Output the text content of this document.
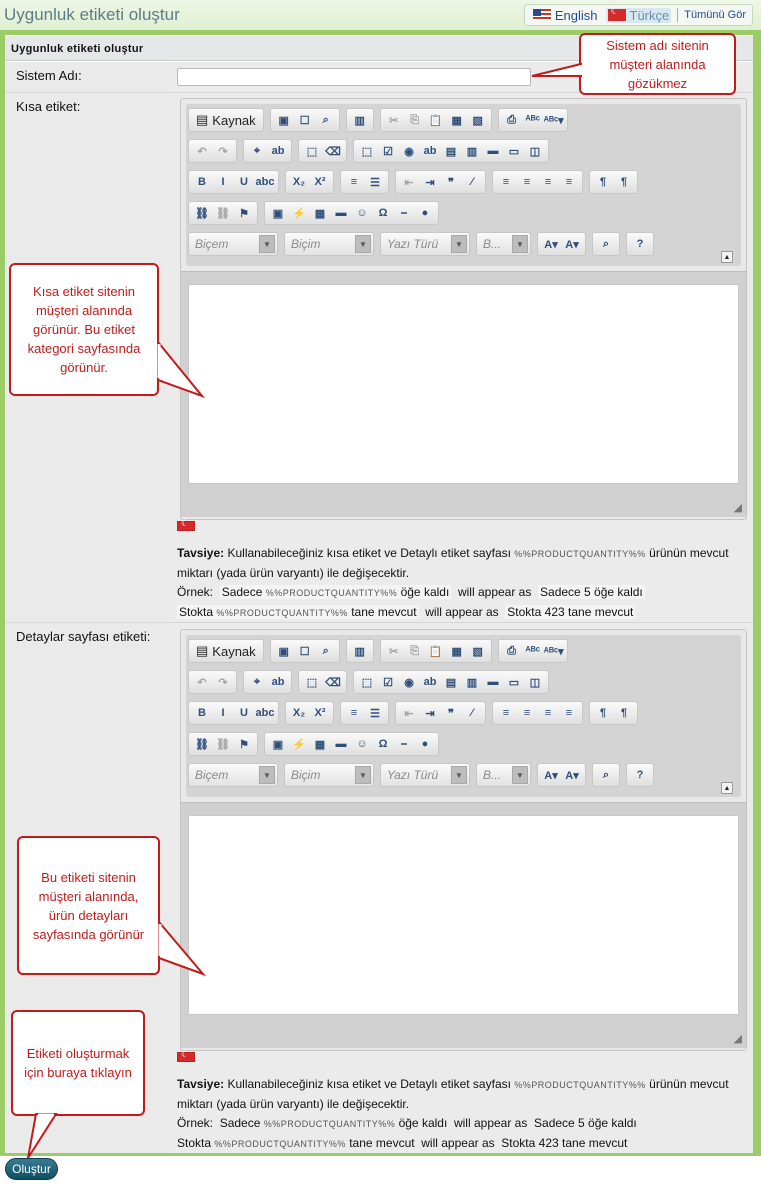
Uygunluk etiketi oluştur	English
☾ Türkçe Tümünü Gör
Uygunluk etiketi oluştur
Sistem Adı:
Kısa etiket:
Detaylar sayfası etiketi:
▤ Kaynak	▣ ☐	⌕	▥	✂	⎘ 📋 ▦ ▧	⎙ ᴬᴮᶜ ᴬᴮᶜ▾
↶	↷	⌖	ab	⬚ ⌫	⬚ ☑	◉ ab ▤ ▥ ▬ ▭ ◫
B	I	U abc	X₂ X²	≡	☰	⇤	⇥	❞	⁄	≡	≡	≡	≡	¶	¶
⛓ ⛓ ⚑	▣ ⚡ ▦ ▬ ☺ Ω	⎯	●
Biçem	▼	Biçim	▼	Yazı Türü	▼	B...	▼	A▾ A▾	⌕	?
▲
◢
▤ Kaynak	▣ ☐	⌕	▥	✂	⎘ 📋 ▦ ▧	⎙ ᴬᴮᶜ ᴬᴮᶜ▾
↶	↷	⌖	ab	⬚ ⌫	⬚ ☑	◉ ab ▤ ▥ ▬ ▭ ◫
B	I	U abc	X₂ X²	≡	☰	⇤	⇥	❞	⁄	≡	≡	≡	≡	¶	¶
⛓ ⛓ ⚑	▣ ⚡ ▦ ▬ ☺ Ω	⎯	●
Biçem	▼	Biçim	▼	Yazı Türü	▼	B...	▼	A▾ A▾	⌕	?
▲
◢
☾
☾
Tavsiye: Kullanabileceğiniz kısa etiket ve Detaylı etiket sayfası %%PRODUCTQUANTITY%% ürünün mevcut miktarı (yada ürün varyantı) ile değişecektir.
Örnek: Sadece %%PRODUCTQUANTITY%% öğe kaldı will appear as Sadece 5 öğe kaldı
Stokta %%PRODUCTQUANTITY%% tane mevcut will appear as Stokta 423 tane mevcut
Tavsiye: Kullanabileceğiniz kısa etiket ve Detaylı etiket sayfası %%PRODUCTQUANTITY%% ürünün mevcut miktarı (yada ürün varyantı) ile değişecektir.
Örnek: Sadece %%PRODUCTQUANTITY%% öğe kaldı will appear as Sadece 5 öğe kaldı
Stokta %%PRODUCTQUANTITY%% tane mevcut will appear as Stokta 423 tane mevcut
Sistem adı sitenin müşteri alanında gözükmez
Kısa etiket sitenin müşteri alanında görünür. Bu etiket kategori sayfasında görünür.
Bu etiketi sitenin müşteri alanında, ürün detayları sayfasında görünür
Etiketi oluşturmak için buraya tıklayın
Oluştur
